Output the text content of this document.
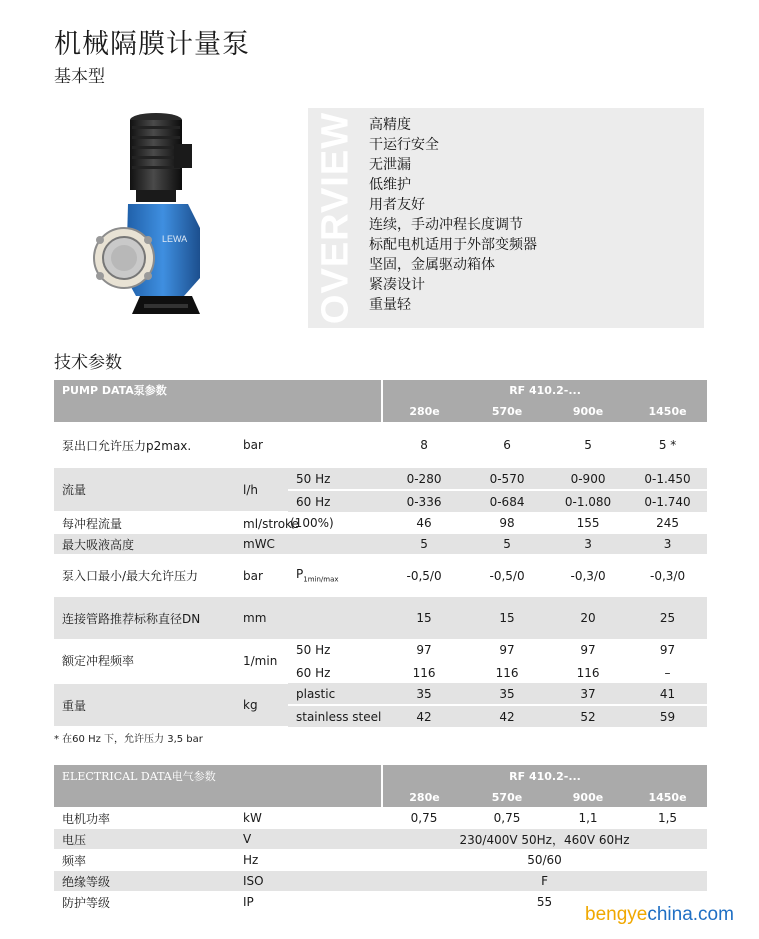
机械隔膜计量泵
基本型
LEWA	OVERVIEW 高精度
干运行安全
无泄漏
低维护
用者友好
连续，手动冲程长度调节
标配电机适用于外部变频器
坚固，金属驱动箱体
紧凑设计
重量轻
技术参数
PUMP DATA泵参数			RF 410.2-...			
			280e	570e	900e	1450e
泵出口允许压力p2max.	bar		8	6	5	5 *
流量	l/h	50 Hz	0-280	0-570	0-900	0-1.450
		60 Hz	0-336	0-684	0-1.080	0-1.740
每冲程流量	ml/stroke	(100%)	46	98	155	245
最大吸液高度	mWC		5	5	3	3
泵入口最小/最大允许压力	bar	$P_{1min/max}$	-0,5/0	-0,5/0	-0,3/0	-0,3/0
连接管路推荐标称直径DN	mm		15	15	20	25
额定冲程频率	1/min	50 Hz	97	97	97	97
		60 Hz	116	116	116	–
重量	kg	plastic	35	35	37	41
		stainless steel	42	42	52	59
* 在60 Hz 下，允许压力 3,5 bar
ELECTRICAL DATA电气参数			RF 410.2-...			
			280e	570e	900e	1450e
电机功率	kW		0,75	0,75	1,1	1,5
电压	V		230/400V 50Hz，460V 60Hz			
频率	Hz		50/60			
绝缘等级	ISO		F			
防护等级	IP		55			
bengyechina.com
